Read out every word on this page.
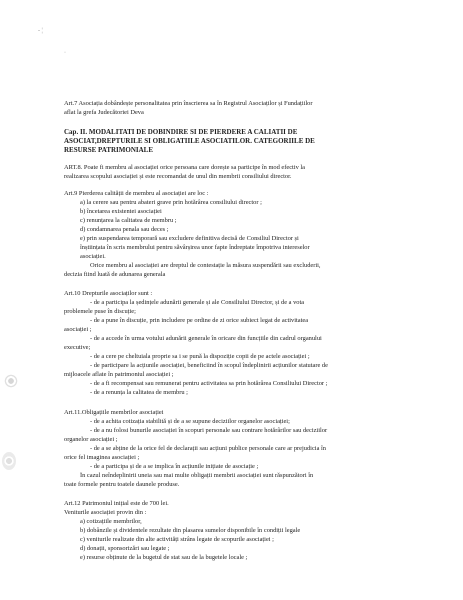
- ¦
·
Art.7 Asociația dobândește personalitatea prin înscrierea sa în Registrul Asociaților și Fundațiilor
aflat la grefa Judecătoriei Deva
Cap. II. MODALITATI DE DOBINDIRE SI DE PIERDERE A CALIATII DE
ASOCIAT,DREPTURILE SI OBLIGATIILE ASOCIATILOR. CATEGORIILE DE
RESURSE PATRIMONIALE
ART.8. Poate fi membru al asociației orice persoana care dorește sa participe în mod efectiv la
realizarea scopului asociației și este recomandat de unul din membrii consiliului director.
Art.9 Pierderea calității de membru al asociației are loc :
a) la cerere sau pentru abateri grave prin hotărârea consiliului director ;
b) încetarea existentei asociației
c) renunțarea la calitatea de membru ;
d) condamnarea penala sau deces ;
e) prin suspendarea temporară sau excludere definitiva decisă de Consiliul Director și
înștiințata în scris membrului pentru săvârșirea unor fapte îndreptate împotriva intereselor
asociației.
Orice membru al asociației are dreptul de contestație la măsura suspendării sau excluderii,
decizia fiind luată de adunarea generala
Art.10 Drepturile asociaților sunt :
- de a participa la ședințele adunării generale și ale Consiliului Director, și de a vota
problemele puse în discuție;
- de a pune în discuție, prin includere pe ordine de zi orice subiect legat de activitatea
asociației ;
- de a accede în urma votului adunării generale în oricare din funcțiile din cadrul organului
executive;
- de a cere pe cheltuiala proprie sa i se pună la dispoziție copii de pe actele asociației ;
- de participare la acțiunile asociației, beneficiind în scopul îndeplinirii acțiunilor statutare de
mijloacele aflate în patrimoniul asociației ;
- de a fi recompensat sau remunerat pentru activitatea sa prin hotărârea Consiliului Director ;
- de a renunța la calitatea de membru ;
Art.11.Obligațiile membrilor asociației
- de a achita cotizația stabilită și de a se supune deciziilor organelor asociației;
- de a nu folosi bunurile asociației în scopuri personale sau contrare hotărârilor sau deciziilor
organelor asociației ;
- de a se abține de la orice fel de declarații sau acțiuni publice personale care ar prejudicia în
orice fel imaginea asociației ;
- de a participa și de a se implica în acțiunile inițiate de asociație ;
În cazul neîndeplinirii uneia sau mai multe obligații membrii asociației sunt răspunzători în
toate formele pentru toatele daunele produse.
Art.12 Patrimoniul inițial este de 700 lei.
Veniturile asociației provin din :
a) cotizațiile membrilor,
b) dobânzile și dividentele rezultate din plasarea sumelor disponibile în condiții legale
c) veniturile realizate din alte activități strâns legate de scopurile asociației ;
d) donații, sponsorizări sau legate ;
e) resurse obținute de la bugetul de stat sau de la bugetele locale ;
